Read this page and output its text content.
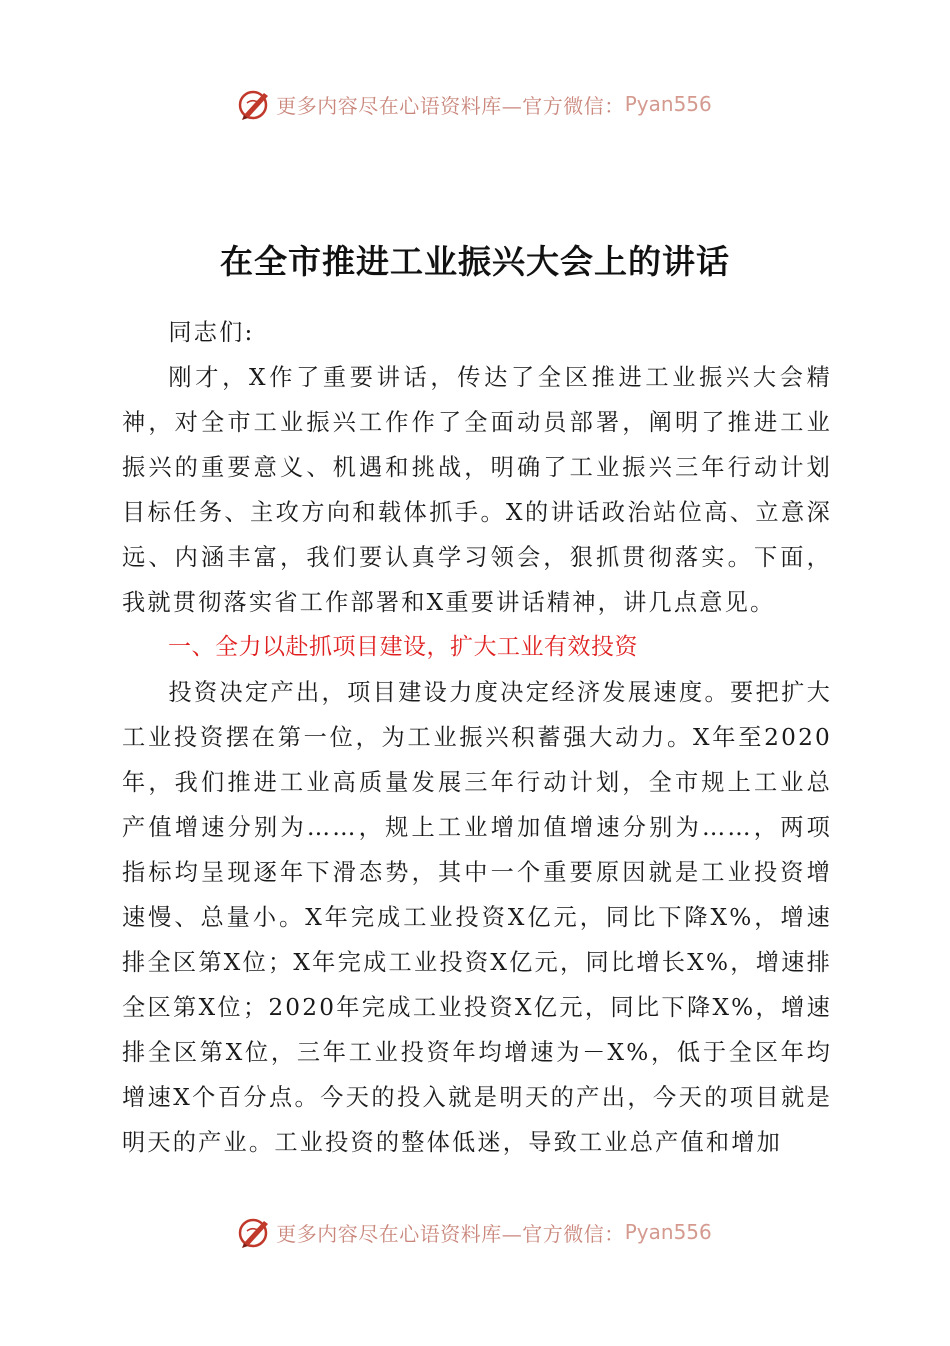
更多内容尽在心语资料库—官方微信： Pyan556
在全市推进工业振兴大会上的讲话

同志们:

刚才，X作了重要讲话，传达了全区推进工业振兴大会精神，对全市工业振兴工作作了全面动员部署，阐明了推进工业振兴的重要意义、机遇和挑战，明确了工业振兴三年行动计划目标任务、主攻方向和载体抓手。X的讲话政治站位高、立意深远、内涵丰富，我们要认真学习领会，狠抓贯彻落实。下面，我就贯彻落实省工作部署和X重要讲话精神，讲几点意见。

一、全力以赴抓项目建设，扩大工业有效投资

投资决定产出，项目建设力度决定经济发展速度。要把扩大工业投资摆在第一位，为工业振兴积蓄强大动力。X年至2020年，我们推进工业高质量发展三年行动计划，全市规上工业总产值增速分别为……，规上工业增加值增速分别为……，两项指标均呈现逐年下滑态势，其中一个重要原因就是工业投资增速慢、总量小。X年完成工业投资X亿元，同比下降X%，增速排全区第X位；X年完成工业投资X亿元，同比增长X%，增速排全区第X位；2020年完成工业投资X亿元，同比下降X%，增速排全区第X位，三年工业投资年均增速为－X%，低于全区年均增速X个百分点。今天的投入就是明天的产出，今天的项目就是明天的产业。工业投资的整体低迷，导致工业总产值和增加

更多内容尽在心语资料库—官方微信： Pyan556
